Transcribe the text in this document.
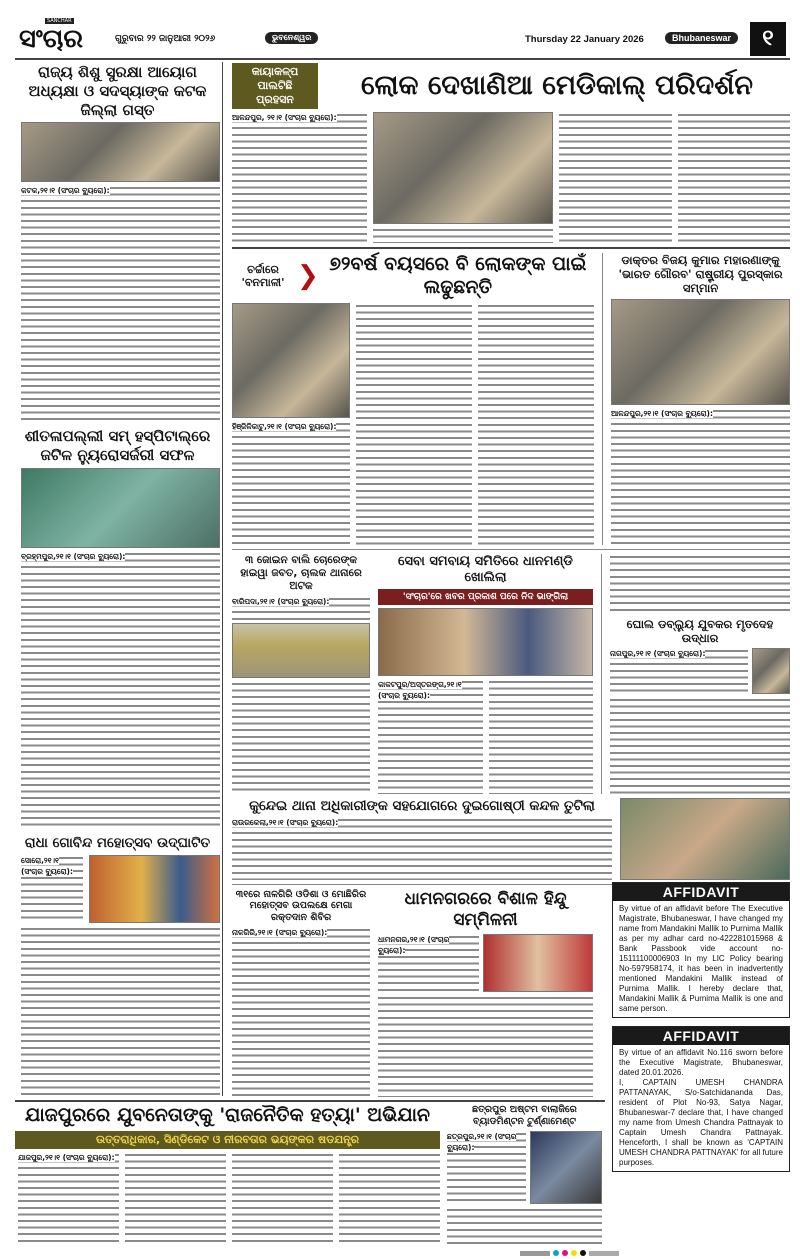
SANCHAR
ସଂଚାର	ଗୁରୁବାର ୨୨ ଜାନୁଆରୀ ୨୦୨୬	ଭୁବନେଶ୍ୱର	Thursday 22 January 2026	Bhubaneswar	୧
ରାଜ୍ୟ ଶିଶୁ ସୁରକ୍ଷା ଆୟୋଗ ଅଧ୍ୟକ୍ଷା ଓ ସଦସ୍ୟାଙ୍କ କଟକ ଜିଲ୍ଲା ଗସ୍ତ
କଟକ,୨୧।୧ (ସଂଚାର ବ୍ୟୁରୋ):
ଶୀତଳାପଲ୍ଲୀ ସମ୍ ହସ୍ପିଟାଲ୍‌ରେ ଜଟିଳ ନ୍ୟୁରୋସର୍ଜରୀ ସଫଳ
ବ୍ରହ୍ମପୁର,୨୧।୧ (ସଂଚାର ବ୍ୟୁରୋ):
ରାଧା ଗୋବିନ୍ଦ ମହୋତ୍ସବ ଉଦ୍‌ଘାଟିତ
ସୋରୋ,୨୧।୧ (ସଂଚାର ବ୍ୟୁରୋ):
କାୟାକଳ୍ପ ପାଲଟିଛି ପ୍ରହସନ	ଲୋକ ଦେଖାଣିଆ ମେଡିକାଲ୍ ପରିଦର୍ଶନ
ଆଳନ୍ଦପୁର, ୨୧।୧ (ସଂଚାର ବ୍ୟୁରୋ):
ଚର୍ଚ୍ଚାରେ 'ବନମାଳୀ' ❯ ୭୨ବର୍ଷ ବୟସରେ ବି ଲୋକଙ୍କ ପାଇଁ ଲଢୁଛନ୍ତି
ହିଞ୍ଜିଳିକାଟୁ,୨୧।୧ (ସଂଚାର ବ୍ୟୁରୋ):
ଡାକ୍ତର ବିଜୟ କୁମାର ମହାରଣାଙ୍କୁ 'ଭାରତ ଗୌରବ' ରାଷ୍ଟ୍ରୀୟ ପୁରସ୍କାର ସମ୍ମାନ
ଆଳନ୍ଦପୁର,୨୧।୧ (ସଂଚାର ବ୍ୟୁରୋ):
୩ ଜୋଇନ ବାଲି ଚୋରେଙ୍କ ହାଇୱା ଜବତ, ଚାଲକ ଥାନାରେ ଅଟକ
ବାରିପଦା,୨୧।୧ (ସଂଚାର ବ୍ୟୁରୋ):
ସେବା ସମବାୟ ସମିତିରେ ଧାନମଣ୍ଡି ଖୋଲିଲା
'ସଂଚାର'ରେ ଖବର ପ୍ରକାଶ ପରେ ନିଦ ଭାଙ୍ଗିଲା
କାକଟପୁର/ଅସ୍ତରଙ୍ଗ,୨୧।୧ (ସଂଚାର ବ୍ୟୁରୋ):
ଘୋଲ ଡବ୍ଲ୍ୟୁ ଯୁବକର ମୃତଦେହ ଉଦ୍ଧାର
ନାଗପୁର,୨୧।୧ (ସଂଚାର ବ୍ୟୁରୋ):
କୁନ୍ଦେଇ ଥାନା ଅଧିକାରୀଙ୍କ ସହଯୋଗରେ ଦୁଇଗୋଷ୍ଠୀ କନ୍ଦଳ ତୁଟିଲା
ରାଉରକେଲା,୨୧।୧ (ସଂଚାର ବ୍ୟୁରୋ):
୩୧ରେ ନାଳଗିରି ଓଡିଶା ଓ ମୋଛିରିର ମହୋତ୍ସବ ଉପଲକ୍ଷେ ମେଗା ରକ୍ତଦାନ ଶିବିର
ନାଳଗିରି,୨୧।୧ (ସଂଚାର ବ୍ୟୁରୋ):
ଧାମନଗରରେ ବିଶାଳ ହିନ୍ଦୁ ସମ୍ମିଳନୀ
ଧାମନଗର,୨୧।୧ (ସଂଚାର ବ୍ୟୁରୋ):
AFFIDAVIT

By virtue of an affidavit before The Executive Magistrate, Bhubaneswar, I have changed my name from Mandakini Mallik to Purnima Mallik as per my adhar card no-422281015968 & Bank Passbook vide account no-15111100006903 In my LIC Policy bearing No-597958174, it has been in inadvertently mentioned Mandakini Mallik instead of Purnima Mallik. I hereby declare that, Mandakini Mallik & Purnima Mallik is one and same person.

AFFIDAVIT

By virtue of an affidavit No.116 sworn before the Executive Magistrate, Bhubaneswar, dated 20.01.2026.
I, CAPTAIN UMESH CHANDRA PATTANAYAK, S/o-Satchidananda Das, resident of Plot No-93, Satya Nagar, Bhubaneswar-7 declare that, I have changed my name from Umesh Chandra Pattnayak to Captain Umesh Chandra Pattnayak. Henceforth, I shall be known as 'CAPTAIN UMESH CHANDRA PATTNAYAK' for all future purposes.

ଯାଜପୁରରେ ଯୁବନେତାଙ୍କୁ 'ରାଜନୈତିକ ହତ୍ୟା' ଅଭିଯାନ
ଉତ୍ତରାଧିକାର, ସିଣ୍ଡିକେଟ ଓ ନୀରବତାର ଭୟଙ୍କର ଷଡଯନ୍ତ୍ର
ଯାଜପୁର,୨୧।୧ (ସଂଚାର ବ୍ୟୁରୋ):
ଛତ୍ରପୁର ଅଷ୍ଟମ ବାଲାଜିରେ ବ୍ୟାଡମିଣ୍ଟନ ଟୁର୍ଣ୍ଣାମେଣ୍ଟ
ଛତ୍ରପୁର,୨୧।୧ (ସଂଚାର ବ୍ୟୁରୋ):
